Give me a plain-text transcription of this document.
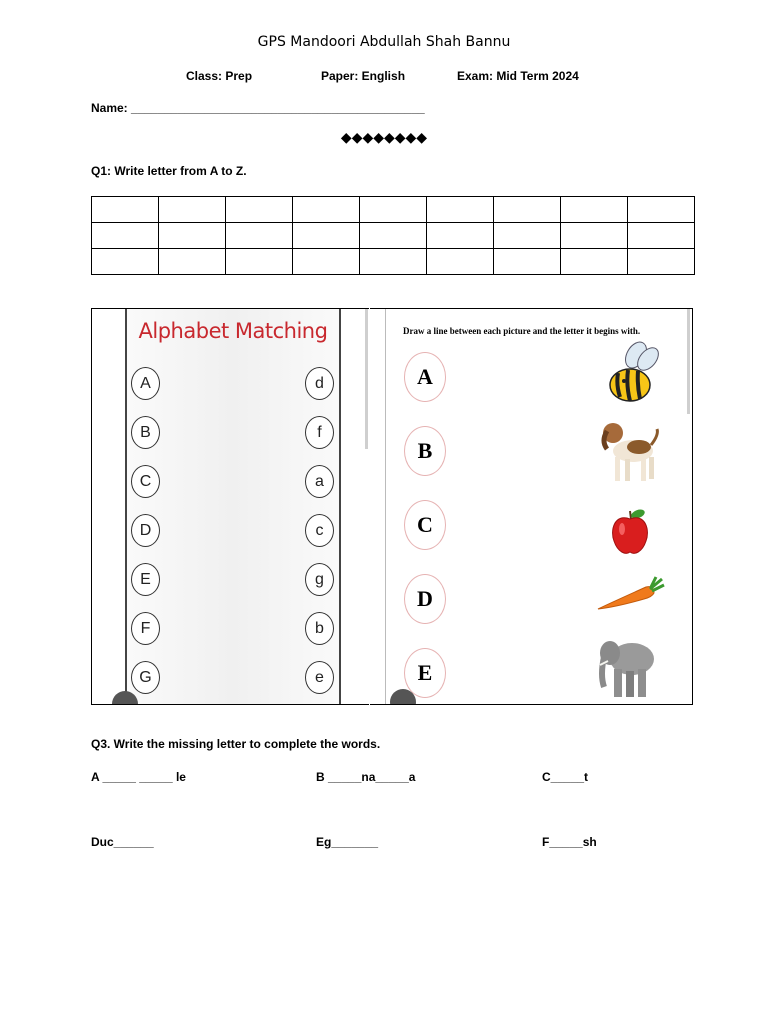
GPS Mandoori Abdullah Shah Bannu
Class: Prep	Paper: English	Exam: Mid Term 2024
Name: ____________________________________________
◆◆◆◆◆◆◆◆
Q1: Write letter from A to Z.

Alphabet Matching
A	d
B	f
C	a
D	c
E	g
F	b
G	e
Draw a line between each picture and the letter it begins with.
A
B
C
D
E
Q3. Write the missing letter to complete the words.
A _____ _____ le	B _____na_____a	C_____t
Duc______	Eg_______	F_____sh
